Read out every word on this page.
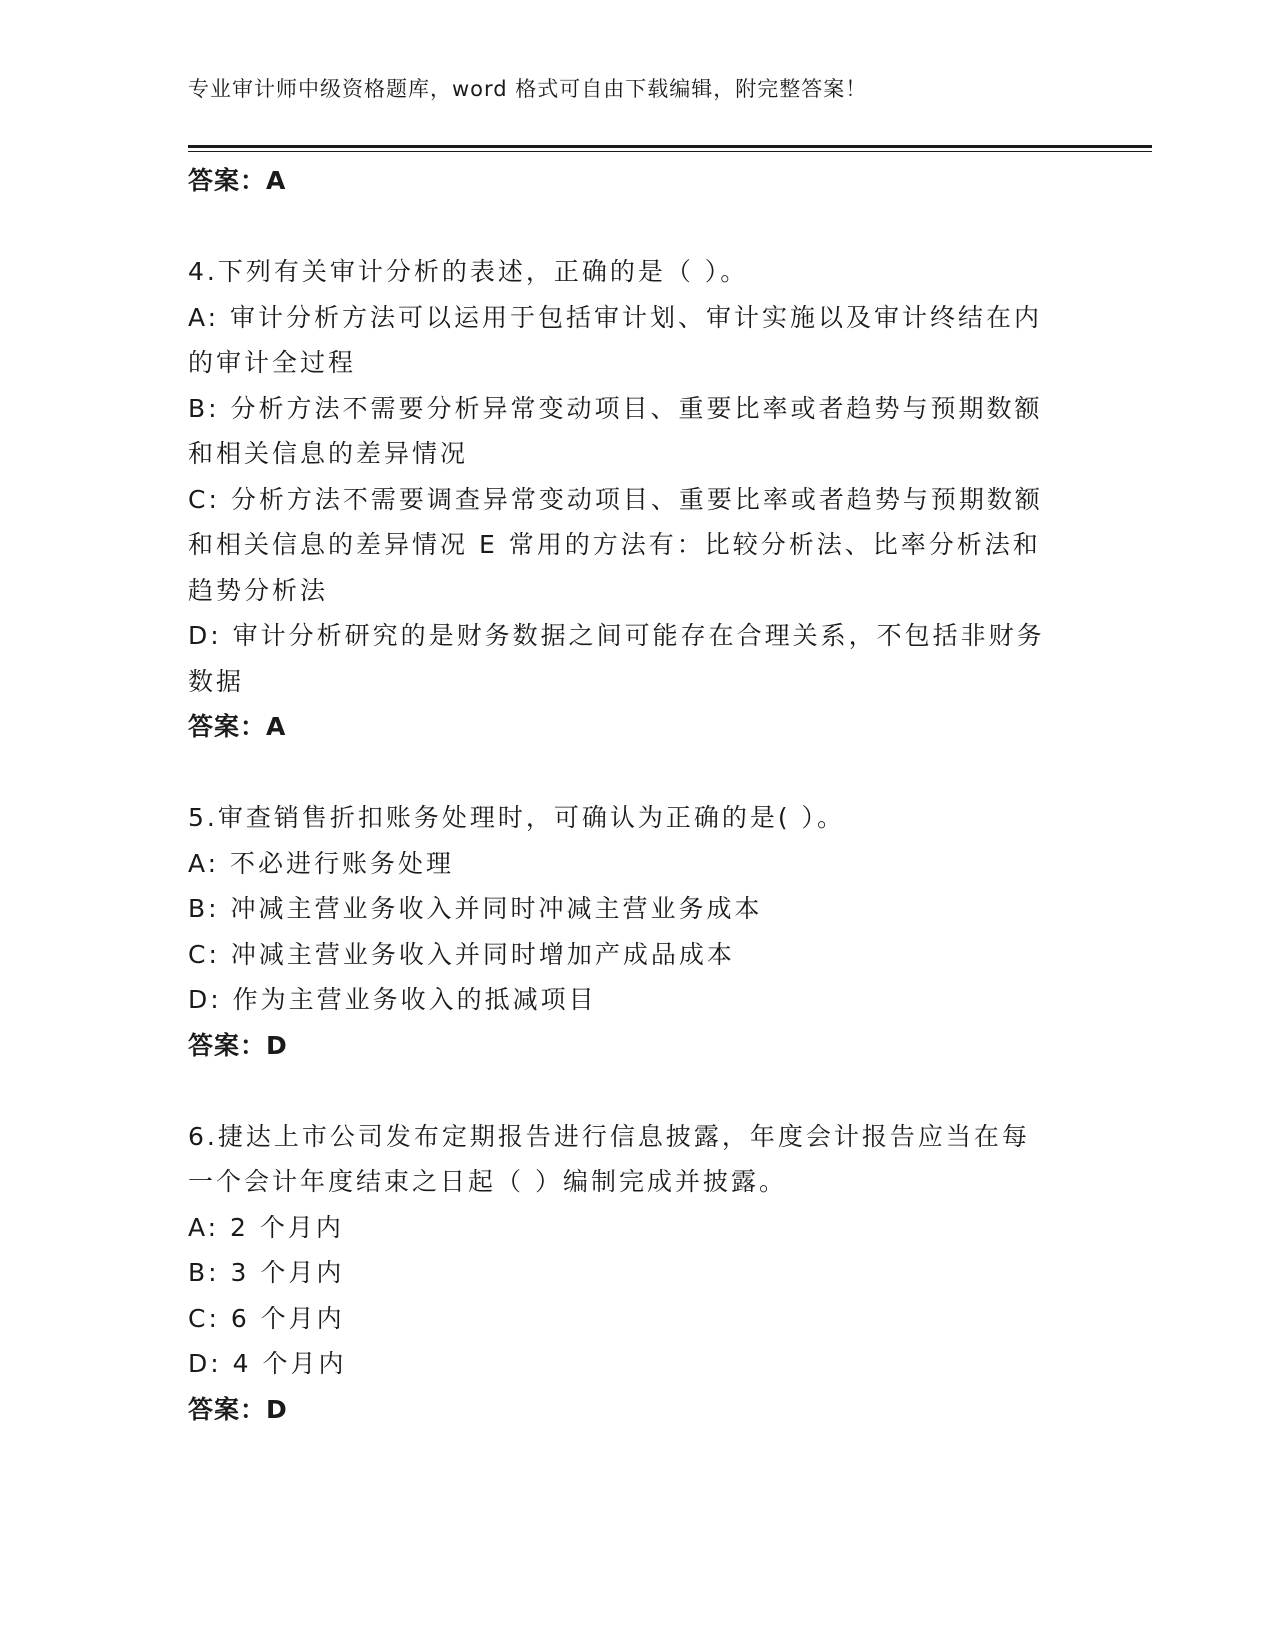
专业审计师中级资格题库，word 格式可自由下载编辑，附完整答案！
答案：A
4.下列有关审计分析的表述，正确的是（ ）。
A: 审计分析方法可以运用于包括审计划、审计实施以及审计终结在内
的审计全过程
B: 分析方法不需要分析异常变动项目、重要比率或者趋势与预期数额
和相关信息的差异情况
C: 分析方法不需要调查异常变动项目、重要比率或者趋势与预期数额
和相关信息的差异情况 E 常用的方法有：比较分析法、比率分析法和
趋势分析法
D: 审计分析研究的是财务数据之间可能存在合理关系，不包括非财务
数据
答案：A
5.审查销售折扣账务处理时，可确认为正确的是( ）。
A: 不必进行账务处理
B: 冲减主营业务收入并同时冲减主营业务成本
C: 冲减主营业务收入并同时增加产成品成本
D: 作为主营业务收入的抵减项目
答案：D
6.捷达上市公司发布定期报告进行信息披露，年度会计报告应当在每
一个会计年度结束之日起（ ）编制完成并披露。
A: 2 个月内
B: 3 个月内
C: 6 个月内
D: 4 个月内
答案：D
